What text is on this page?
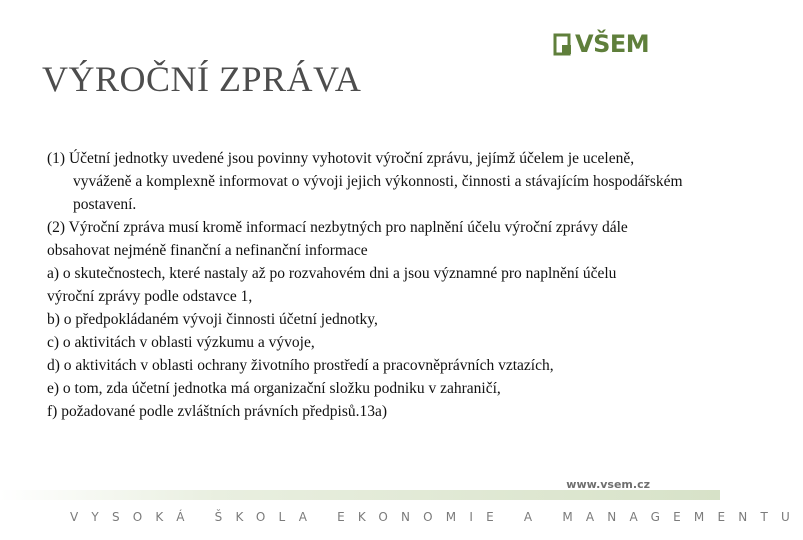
VŠEM
VÝROČNÍ ZPRÁVA

(1) Účetní jednotky uvedené jsou povinny vyhotovit výroční zprávu, jejímž účelem je uceleně, vyváženě a komplexně informovat o vývoji jejich výkonnosti, činnosti a stávajícím hospodářském postavení.

(2) Výroční zpráva musí kromě informací nezbytných pro naplnění účelu výroční zprávy dále obsahovat nejméně finanční a nefinanční informace

a) o skutečnostech, které nastaly až po rozvahovém dni a jsou významné pro naplnění účelu

výroční zprávy podle odstavce 1,

b) o předpokládaném vývoji činnosti účetní jednotky,

c) o aktivitách v oblasti výzkumu a vývoje,

d) o aktivitách v oblasti ochrany životního prostředí a pracovněprávních vztazích,

e) o tom, zda účetní jednotka má organizační složku podniku v zahraničí,

f) požadované podle zvláštních právních předpisů.13a)

www.vsem.cz
VYSOKÁ ŠKOLA EKONOMIE A MANAGEMENTU
